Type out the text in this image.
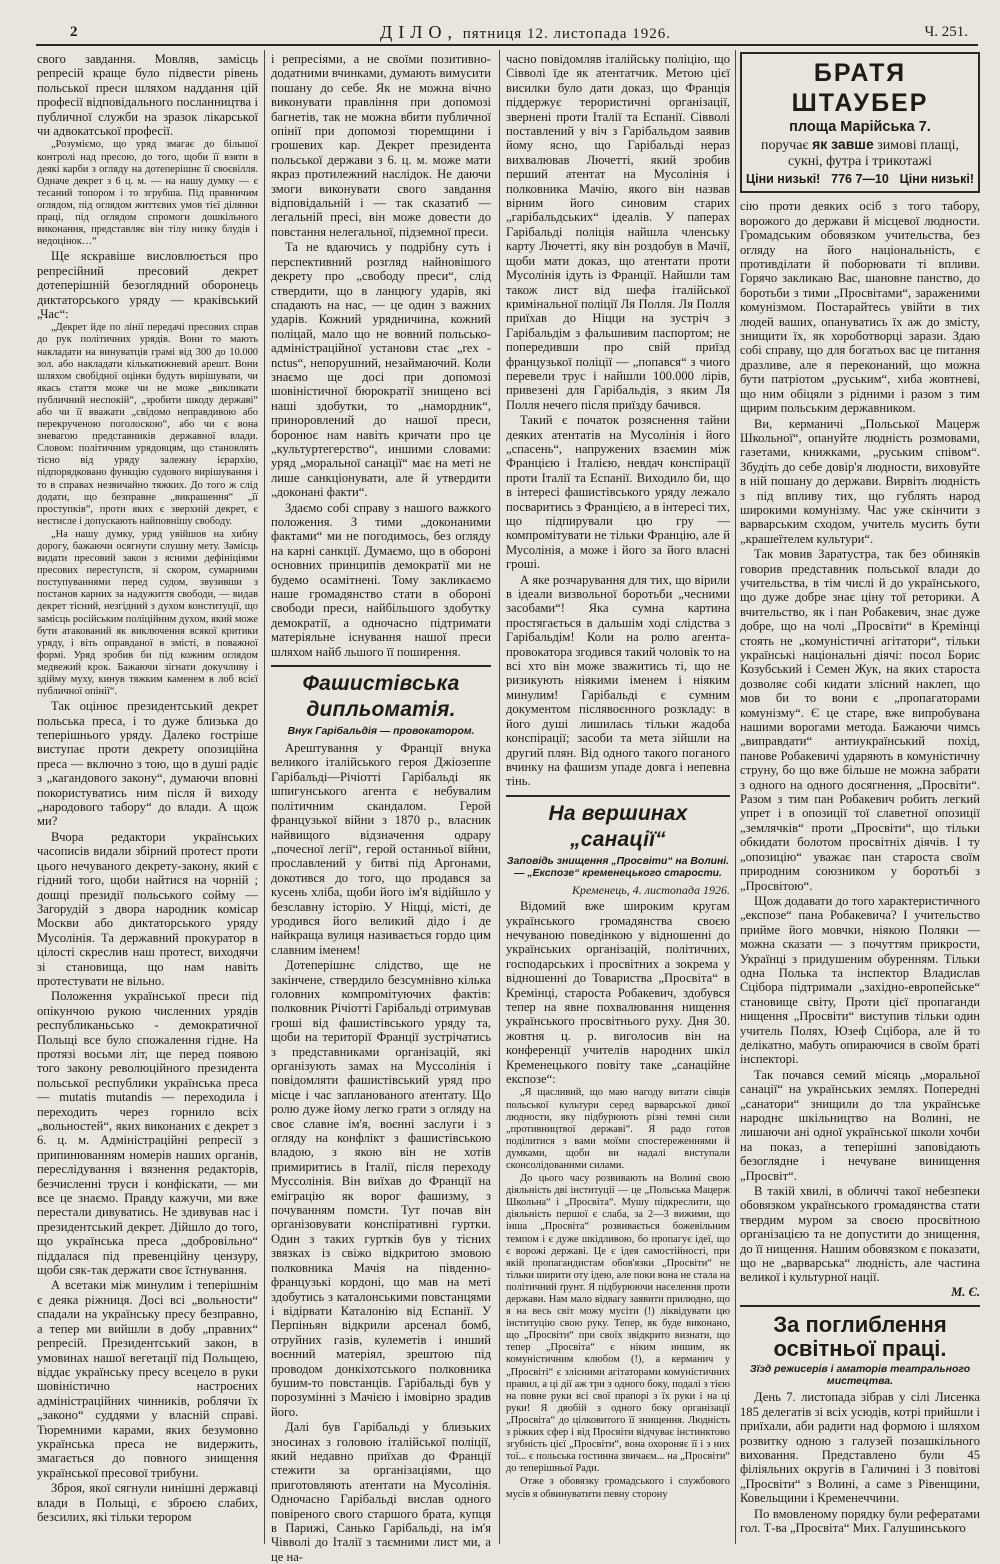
2	ДІЛО, пятниця 12. листопада 1926.	Ч. 251.

свого завдання. Мовляв, замісць репресій краще було підвести рівень польської преси шляхом наддання цій професії відповідального посланництва і публичної служби на зразок лікарської чи адвокатської професії.

„Розуміємо, що уряд змагає до більшої контролі над пресою, до того, щоби її взяти в деякі карби з огляду на дотеперішнє її своєвілля. Одначе декрет з 6 ц. м. — на нашу думку — є тесаний топором і то згрубша. Під правничим оглядом, під оглядом життєвих умов тієї ділянки праці, під оглядом спромоги дошкільного виконання, представляє він тілу низку блудів і недоцінок…“

Ще яскравіше висловлюється про репресійний пресовий декрет дотеперішній безоглядний оборонець диктаторського уряду — краківський „Час“:

„Декрет йде по лінії передачі пресових справ до рук політичних урядів. Вони то мають накладати на винуватців грамі від 300 до 10.000 зол. або накладати кількатижневий арешт. Вони шляхом свобідної оцінки будуть вирішувати, чи якась стаття може чи не може „викликати публичний неспокій“, „зробити шкоду державі“ або чи її вважати „свідомо неправдивою або перекрученою поголоскою“, або чи є вона зневагою представників державної влади. Словом: політичним урядовцям, що становлять тісно від уряду залежну ієрархію, підпорядковано функцію судового вирішування і то в справах незвичайно тяжких. До того ж слід додати, що безправне „викрашення“ „її проступків“, проти яких є зверхній декрет, є нестисле і допускають найповнішу свободу.

„На нашу думку, уряд увійшов на хибну дорогу, бажаючи осягнути слушну мету. Замісць видати пресовий закон з ясними дефініціями пресових переступств, зі скором, сумарними поступуваннями перед судом, звузивши з постанов карних за надужиття свободи, — видав декрет тісний, незгідний з духом конституції, що замісць російським поліційним духом, який може бути атакований як виключення всякої критики уряду, і віть оправданої в змісті, в поважної формі. Уряд зробив би під кожним оглядом медвежий крок. Бажаючи зігнати докучливу і здійму муху, кинув тяжким каменем в лоб всієї публичної опінії“.

Так оцінює президентський декрет польська преса, і то дуже близька до теперішнього уряду. Далеко гостріше виступає проти декрету опозиційна преса — включно з тою, що в душі радіє з „кагандового закону“, думаючи вповні покористуватись ним після й виходу „народового табору“ до влади. А щож ми?

Вчора редактори українських часописів видали збірний протест проти цього нечуваного декрету-закону, який є гідний того, щоби найтися на чорній ; дошці президії польського сойму — Загорудій з двора народник комісар Москви або диктаторського уряду Мусолінія. Та державний прокуратор в цілості скреслив наш протест, виходячи зі становища, що нам навіть протестувати не вільно.

Положення української преси під опікунчою рукою численних урядів республиканьсько - демократичної Польщі все було спожалення гідне. На протязі восьми літ, ще перед появою того закону революційного президента польської республики українська преса — mutatis mutandis — переходила і переходить через горнило всіх „вольностей“, яких виконаних є декрет з 6. ц. м. Адміністраційні репресії з припинюванням номерів наших органів, переслідування і вязнення редакторів, безчисленні труси і конфіскати, — ми все це знаємо. Правду кажучи, ми вже перестали дивуватись. Не здивував нас і президентський декрет. Дійшло до того, що українська преса „добровільно“ піддалася під превенційну цензуру, щоби сяк-так держати своє їстнування.

А всетаки між минулим і теперішнім є деяка ріжниця. Досі всі „вольности“ спадали на українську пресу безправно, а тепер ми вийшли в добу „правних“ репресій. Президентський закон, в умовинах нашої вегетації під Польщею, віддає українську пресу всецело в руки шовіністично настроєних адміністраційних чинників, роблячи їх „законо“ суддями у власній справі. Тюремними карами, яких безумовно українська преса не видержить, змагається до повного знищення української пресової трибуни.

Зброя, якої сягнули нинішні державці влади в Польщі, є зброєю слабих, безсилих, які тільки терором

і репресіями, а не своїми позитивно-додатними вчинками, думають вимусити пошану до себе. Як не можна вічно виконувати правління при допомозі багнетів, так не можна вбити публичної опінії при допомозі тюремщини і грошевих кар. Декрет президента польської держави з 6. ц. м. може мати якраз протилежний наслідок. Не даючи змоги виконувати свого завдання відповідальній і — так сказатиб — легальній пресі, він може довести до повстання нелегальної, підземної преси.

Та не вдаючись у подрібну суть і перспективний розгляд найновішого декрету про „свободу преси“, слід ствердити, що в ланцюгу ударів, які спадають на нас, — це один з важних ударів. Кожний урядничина, кожний поліцай, мало що не вовний польсько-адміністраційної установи стає „rex - nctus“, непорушний, незаймаючий. Коли знаємо ще досі при допомозі шовіністичної бюрократії знищено всі наші здобутки, то „намордник“, приноровлений до нашої преси, боронює нам навіть кричати про це „культуртегерство“, иншими словами: уряд „моральної санації“ має на меті не лише санкціонувати, але й утвердити „доконані факти“.

Здаємо собі справу з нашого важкого положення. З тими „доконаними фактами“ ми не погодимось, без огляду на карні санкції. Думаємо, що в обороні основних принципів демократії ми не будемо осамітнені. Тому закликаємо наше громадянство стати в обороні свободи преси, найбільшого здобутку демократії, а одночасно підтримати матеріяльне існування нашої преси шляхом найб льшого її поширення.

Фашистівська дипльоматія.
Внук Гарібальдія — провокатором.

Арештування у Франції внука великого італійського героя Джіозеппе Гарібальді—Річіотті Гарібальді як шпигунського агента є небувалим політичним скандалом. Герой французької війни з 1870 р., власник найвищого відзначення одрару „почесної легії“, герой останньої війни, прославлений у битві під Аргонами, докотився до того, що продався за кусень хліба, щоби його ім'я відійшло у безславну історію. У Ніцці, місті, де уродився його великий дідо і де найкраща вулиця називається гордо цим славним іменем!

Дотеперішнє слідство, ще не закінчене, ствердило безсумнівно кілька головних компромітуючих фактів: полковник Річіотті Гарібальді отримував гроші від фашистівського уряду та, щоби на території Франції зустрічатись з представниками організацій, які організують замах на Муссолінія і повідомляти фашистівський уряд про місце і час запланованого атентату. Що ролю дуже йому легко грати з огляду на своє славне ім'я, воєнні заслуги і з огляду на конфлікт з фашистівською владою, з якою він не хотів примиритись в Італії, після переходу Муссолінія. Він виїхав до Франції на еміграцію як ворог фашизму, з почуванням помсти. Тут почав він організовувати конспіративні гуртки. Один з таких гуртків був у тісних звязках із свіжо відкритою змовою полковника Мачія на південно-французькі кордоні, що мав на меті здобутись з каталонськими повстанцями і відірвати Каталонію від Еспанії. У Перпіньян відкрили арсенал бомб, отруйних газів, кулеметів і инший воєнний матеріял, зрештою під проводом донкіхотського полковника бушим-то повстанців. Гарібальді був у порозумінні з Мачією і імовірно зрадив його.

Далі був Гарібальді у близьких зносинах з головою італійської поліції, який недавно приїхав до Франції стежити за організаціями, що приготовляють атентати на Мусолінія. Одночасно Гарібальді вислав одного повіреного свого старшого брата, купця в Парижі, Санько Гарібальді, на ім'я Чівволі до Італії з таємними лист ми, а це на-

часно повідомляв італійську поліцію, що Сівволі їде як атентатчик. Метою цієї висилки було дати доказ, що Франція піддержує терористичні організації, звернені проти Італії та Еспанії. Сівволі поставлений у віч з Гарібальдом заявив йому ясно, що Гарібальді нераз вихвалював Лючетті, який зробив перший атентат на Мусолінія і полковника Мачію, якого він назвав вірним його синовим старих „гарібальдських“ ідеалів. У паперах Гарібальді поліція найшла членську карту Лючетті, яку він роздобув в Мачії, щоби мати доказ, що атентати проти Мусолінія ідуть із Франції. Найшли там також лист від шефа італійської кримінальної поліції Ля Полля. Ля Полля приїхав до Ніцци на зустріч з Гарібальдім з фальшивим паспортом; не попередивши про свій приїзд французької поліції — „попався“ з чиого перевели трус і найшли 100.000 лірів, привезені для Гарібальдія, з яким Ля Полля нечего після приїзду бачився.

Такий є початок розяснення тайни деяких атентатів на Мусолінія і його „спасень“, напружених взаємин між Францією і Італією, невдач конспірації проти Італії та Еспанії. Виходило би, що в інтересі фашистівського уряду лежало посваритись з Францією, а в інтересі тих, що підпирували цю гру — компромітувати не тільки Францію, але й Мусолінія, а може і його за його власні гроші.

А яке розчарування для тих, що вірили в ідеали визвольної боротьби „чесними засобами“! Яка сумна картина простягається в дальшім ході слідства з Гарібальдім! Коли на ролю агента-провокатора згодився такий чоловік то на всі хто він може зважитись ті, що не ризикують ніякими іменем і ніяким минулим! Гарібальді є сумним документом післявоєнного розкладу: в його душі лишилась тільки жадоба конспірації; засоби та мета зійшли на другий плян. Від одного такого поганого вчинку на фашизм упаде довга і непевна тінь.

На вершинах „санації“
Заповідь знищення „Просвіти“ на Волині. — „Експозе“ кременецького старости.
Кременець, 4. листопада 1926.

Відомий вже широким кругам українського громадянства своєю нечуваною поведінкою у відношенні до українських організацій, політичних, господарських і просвітних а зокрема у відношенні до Товариства „Просвіта“ в Кремінці, староста Робакевич, здобувся тепер на явне похвалювання нищення українського просвітнього руху. Дня 30. жовтня ц. р. виголосив він на конференції учителів народних шкіл Кременецького повіту таке „санаційне експозе“:

„Я щасливий, що маю нагоду витати сівців польської культури серед варварської дикої людности, яку підбурюють різні темні сили „противництвої державі“. Я радо готов поділитися з вами моїми спостереженнями й думками, щоби ви надалі виступали сконсолідованими силами.

До цього часу розвивають на Волині свою діяльність дві інституції — це „Польська Мацерж Школьна“ і „Просвіта“. Мушу підкреслити, що діяльність першої є слаба, за 2—3 вижими, що інша „Просвіта“ розвивається божевільним темпом і є дуже шкідливою, бо пропагує ідеї, що є ворожі державі. Це є ідея самостійності, при якій пропагандистам обов'язки „Просвіти“ не тільки ширити оту ідею, але поки вона не стала на політичний ґрунт. Я підбурюючи населення проти держави. Нам мало відвагу заявити прилюдно, що я на весь світ можу мусіти (!) ліквідувати цю інституцію свою руку. Тепер, як буде виконано, що „Просвіти“ при своїх звідкрито визнати, що тепер „Просвіта“ є ніким иншим, як комуністичним клюбом (!), а керманич у „Просвіті“ є злісними агітаторами комуністичних правил, а ці дії аж три з одного боку, подалі з тією на повне руки всі свої прапорі з їх руки і на ці руки! Я двобій з одного боку організації „Просвіта“ до цілковитого її знищення. Людність з ріжких сфер і від Просвіти відчуває інстинктово згубність цієї „Просвіти“, вона охороняє її і з них тої... є польська гостинна звичаєм... на „Просвіти“ до теперішньої Ради.

Отже з обовязку громадського і службового мусів я обвинуватити певну сторону

БРАТЯ ШТАУБЕР
площа Марійська 7.
поручає як завше зимові плащі, сукні, футра і трикотажі
Ціни низькі! 776 7—10 Ціни низькі!

сію проти деяких осіб з того табору, ворожого до держави й місцевої людности. Громадським обовязком учительства, без огляду на його національність, є противділати й поборювати ті впливи. Горячо закликаю Вас, шановне панство, до боротьби з тими „Просвітами“, зараженими комунізмом. Постарайтесь увійти в тих людей ваших, опануватись їх аж до змісту, знищити їх, як хороботворці зарази. Здаю собі справу, що для богатьох вас це питання дразливе, але я переконаний, що можна бути патріотом „руським“, хиба жовтневі, що ним обіцяли з рідними і разом з тим щирим польським державником.

Ви, керманичі „Польської Мацерж Школьної“, опануйте людність розмовами, газетами, книжками, „руським співом“. Збудіть до себе довір'я людности, виховуйте в ній пошану до держави. Вирвіть людність з під впливу тих, що гублять народ широкими комунізму. Час уже скінчити з варварським сходом, учитель мусить бути „крашеїтелем культури“.

Так мовив Заратустра, так без обиняків говорив представник польської влади до учительства, в тім числі й до українського, що дуже добре знає ціну тої реторики. А вчительство, як і пан Робакевич, знає дуже добре, що на чолі „Просвіти“ в Кремінці стоять не „комуністичні агітатори“, тільки українські національні діячі: посол Борис Козубський і Семен Жук, на яких староста дозволяє собі кидати злісний наклеп, що мов би то вони є „пропагаторами комунізму“. Є це старе, вже випробувана нашими ворогами метода. Бажаючи чимсь „виправдати“ антиукраїнський похід, панове Робакевичі ударяють в комуністичну струну, бо що вже більше не можна забрати з одного на одного досягнення, „Просвіти“. Разом з тим пан Робакевич робить легкий упрет і в опозиції тої славетної опозиції „землячків“ проти „Просвіти“, що тільки обкидати болотом просвітніх діячів. І ту „опозицію“ уважає пан староста своїм природним союзником у боротьбі з „Просвітою“.

Щож додавати до того характеристичного „експозе“ пана Робакевича? І учительство прийме його мовчки, ніякою Поляки — можна сказати — з почуттям прикрости, Українці з придушеним обуренням. Тільки одна Полька та інспектор Владислав Сцібора підтримали „західно-европейське“ становище світу, Проти цієї пропаганди нищення „Просвіти“ виступив тільки один учитель Полях, Юзеф Сцібора, але й то делікатно, мабуть опираючися в своїм браті інспекторі.

Так почався семий місяць „моральної санації“ на українських землях. Попередні „санатори“ знищили до тла українське народнє шкільництво на Волині, не лишаючи ані одної української школи хочби на показ, а теперішні заповідають безоглядне і нечуване винищення „Просвіт“.

В такій хвилі, в обличчі такої небезпеки обовязком українського громадянства стати твердим муром за своєю просвітною організацією та не допустити до знищення, до її нищення. Нашим обовязком є показати, що не „варварська“ людність, але частина великої і культурної нації.

М. Є.
За поглиблення освітньої праці.
Зїзд режисерів і аматорів театрального мистецтва.

День 7. листопада зібрав у сілі Лисенка 185 делегатів зі всіх усюдів, котрі прийшли і приїхали, аби радити над формою і шляхом розвитку одною з галузей позашкільного виховання. Представлено були 45 філіяльних округів в Галичині і 3 повітові „Просвіти“ з Волині, а саме з Рівенщини, Ковельщини і Кременеччини.

По вмовленому порядку були рефератами гол. Т-ва „Просвіта“ Мих. Галушинського
